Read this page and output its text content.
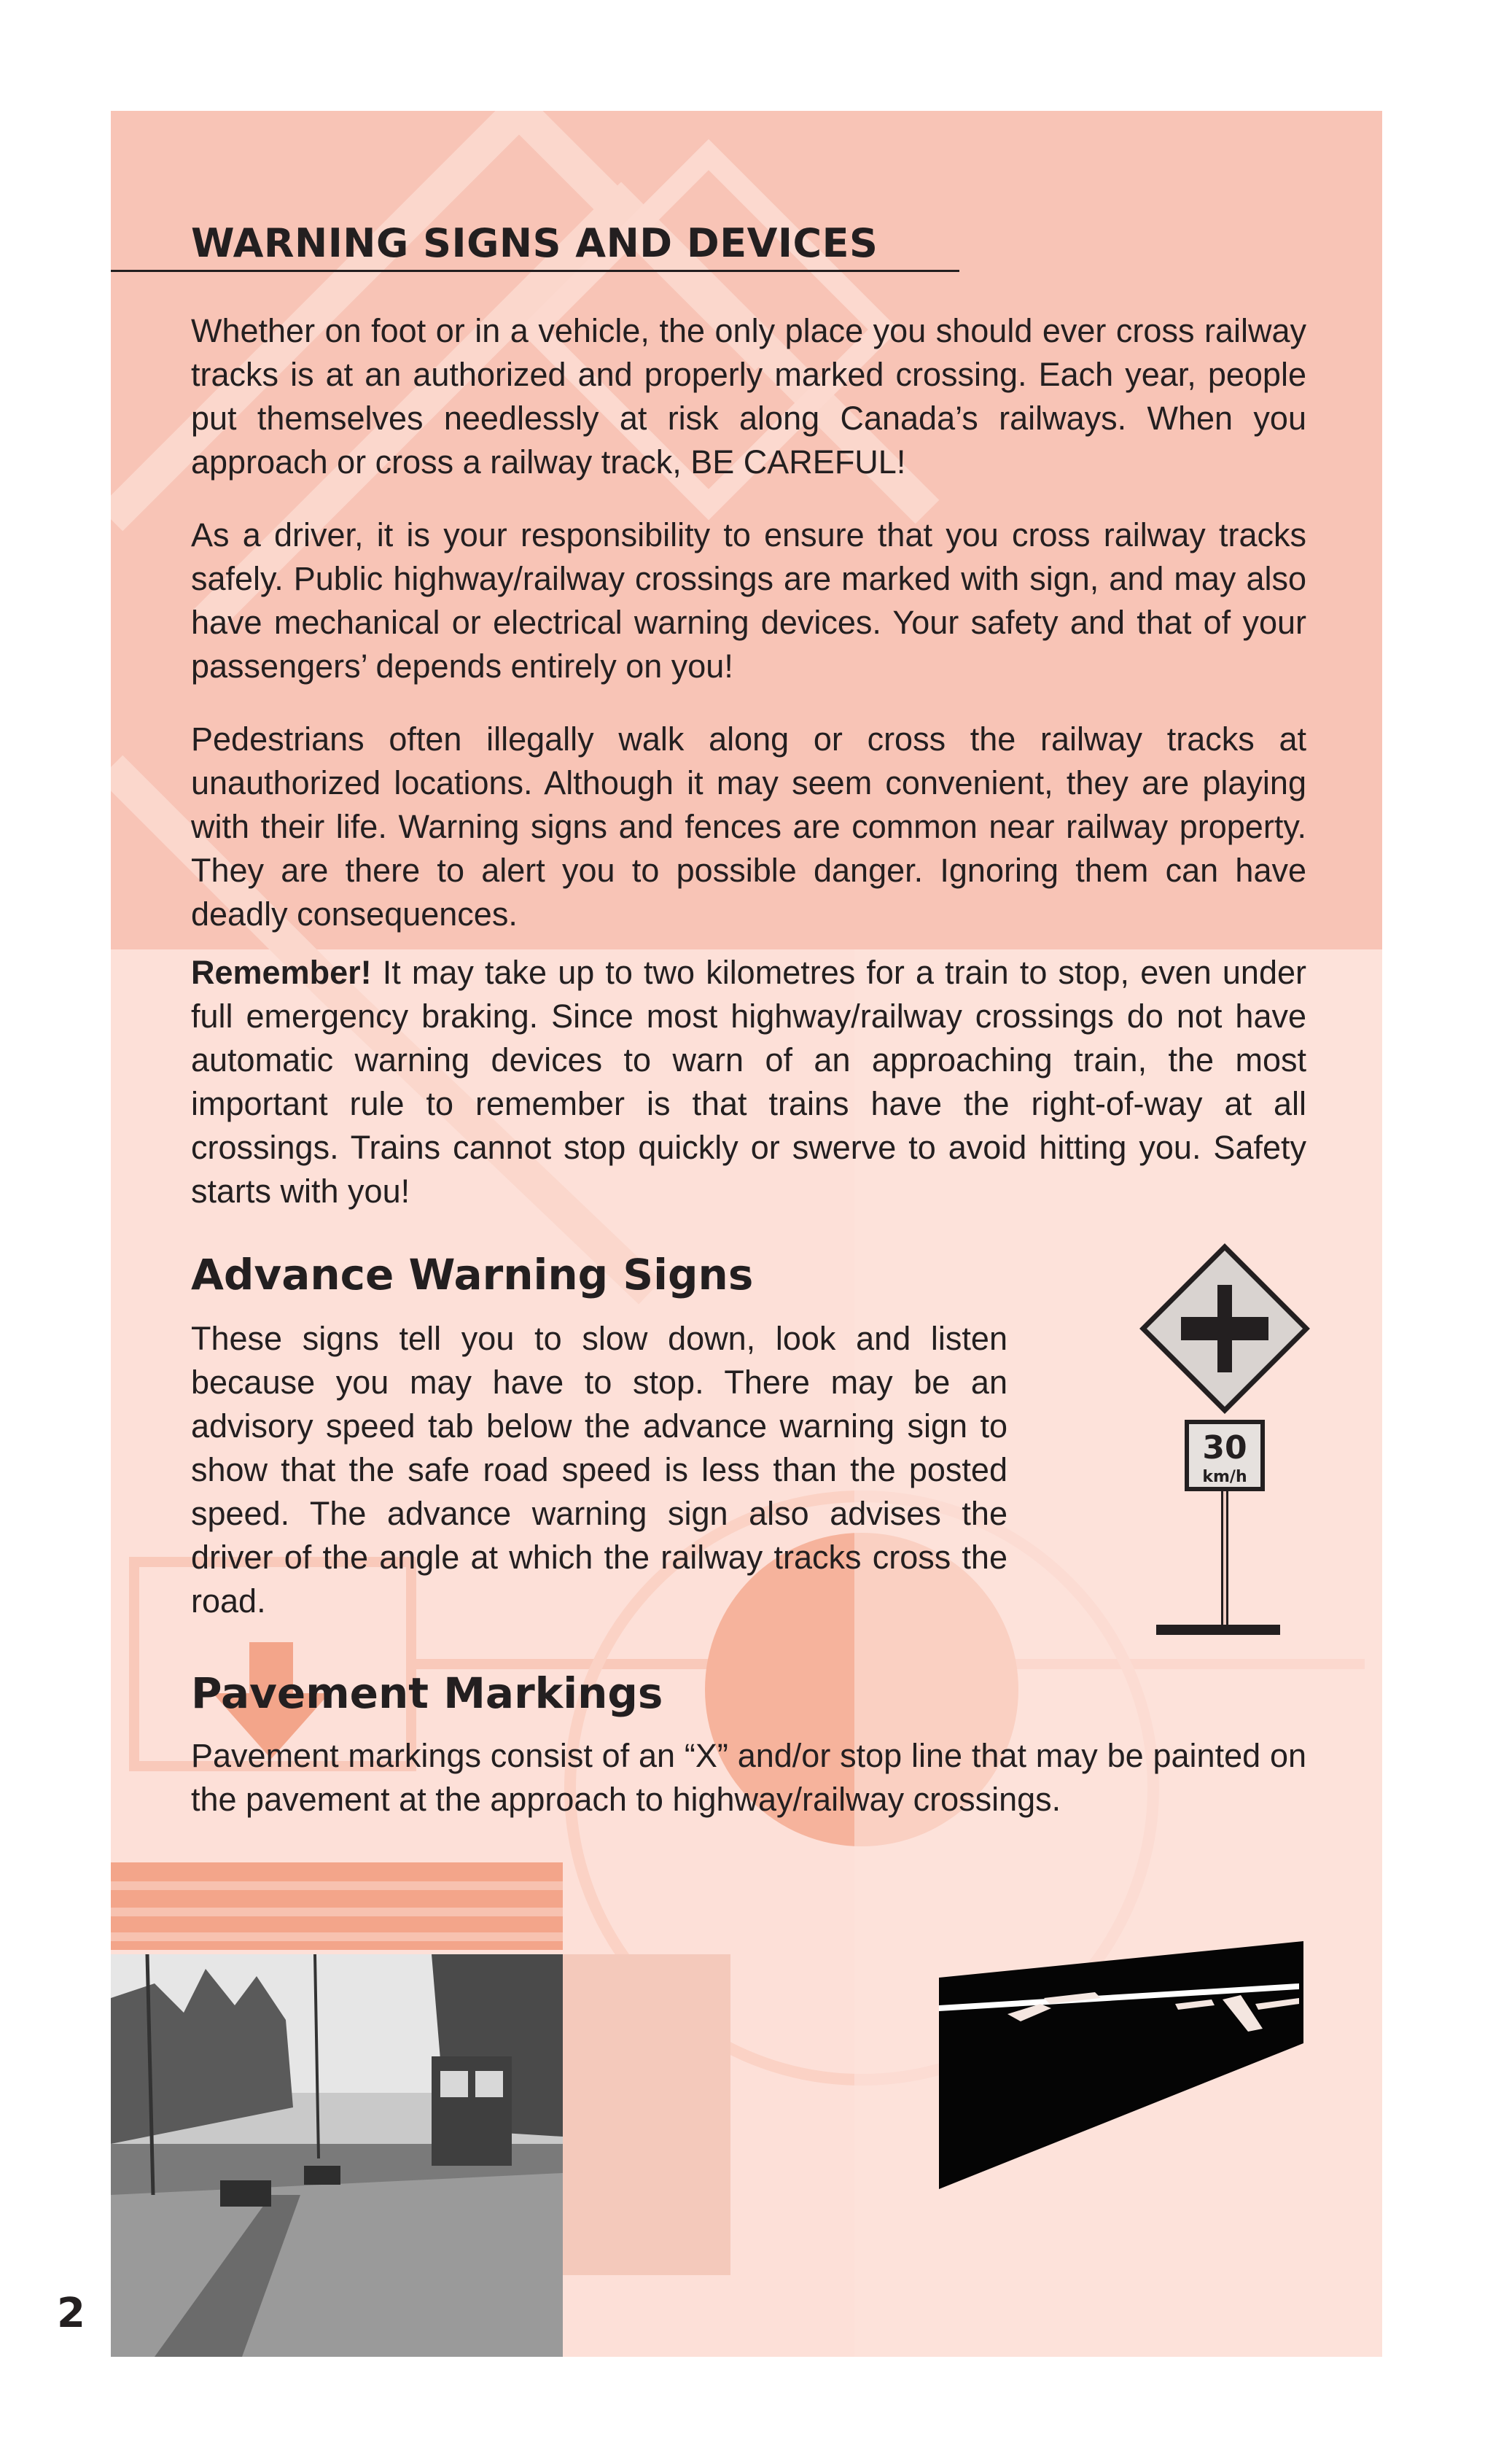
WARNING SIGNS AND DEVICES

Whether on foot or in a vehicle, the only place you should ever cross railway tracks is at an authorized and properly marked crossing. Each year, people put themselves needlessly at risk along Canada’s railways. When you approach or cross a railway track, BE CAREFUL!

As a driver, it is your responsibility to ensure that you cross railway tracks safely. Public highway/railway crossings are marked with sign, and may also have mechanical or electrical warning devices. Your safety and that of your passengers’ depends entirely on you!

Pedestrians often illegally walk along or cross the railway tracks at unauthorized locations. Although it may seem convenient, they are playing with their life. Warning signs and fences are common near railway property. They are there to alert you to possible danger. Ignoring them can have deadly consequences.

Remember! It may take up to two kilometres for a train to stop, even under full emergency braking. Since most highway/railway crossings do not have automatic warning devices to warn of an approaching train, the most important rule to remember is that trains have the right-of-way at all crossings. Trains cannot stop quickly or swerve to avoid hitting you. Safety starts with you!

Advance Warning Signs

These signs tell you to slow down, look and listen because you may have to stop. There may be an advisory speed tab below the advance warning sign to show that the safe road speed is less than the posted speed. The advance warning sign also advises the driver of the angle at which the railway tracks cross the road.

Pavement Markings

Pavement markings consist of an “X” and/or stop line that may be painted on the pavement at the approach to highway/railway crossings.

30
km/h
2
